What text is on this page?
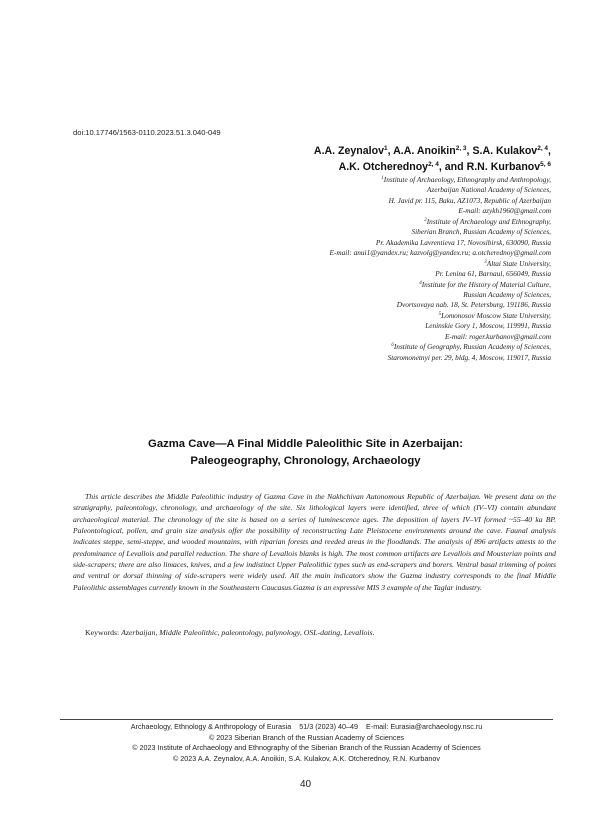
doi:10.17746/1563-0110.2023.51.3.040-049
A.A. Zeynalov$^1$, A.A. Anoikin$^{2, 3}$, S.A. Kulakov$^{2, 4}$,
A.K. Otcherednoy$^{2, 4}$, and R.N. Kurbanov$^{5, 6}$
$^1$Institute of Archaeology, Ethnography and Anthropology,
Azerbaijan National Academy of Sciences,
H. Javid pr. 115, Baku, AZ1073, Republic of Azerbaijan
E-mail: azykh1960@gmail.com
$^2$Institute of Archaeology and Ethnography,
Siberian Branch, Russian Academy of Sciences,
Pr. Akademika Lavrentieva 17, Novosibirsk, 630090, Russia
E-mail: anui1@yandex.ru; kazvolg@yandex.ru; a.otcherednoy@gmail.com
$^3$Altai State University,
Pr. Lenina 61, Barnaul, 656049, Russia
$^4$Institute for the History of Material Culture,
Russian Academy of Sciences,
Dvortsovaya nab. 18, St. Petersburg, 191186, Russia
$^5$Lomonosov Moscow State University,
Leninskie Gory 1, Moscow, 119991, Russia
E-mail: roger.kurbanov@gmail.com
$^6$Institute of Geography, Russian Academy of Sciences,
Staromonetnyi per. 29, bldg. 4, Moscow, 119017, Russia
Gazma Cave—A Final Middle Paleolithic Site in Azerbaijan:
Paleogeography, Chronology, Archaeology

This article describes the Middle Paleolithic industry of Gazma Cave in the Nakhchivan Autonomous Republic of Azerbaijan. We present data on the stratigraphy, paleontology, chronology, and archaeology of the site. Six lithological layers were identified, three of which (IV–VI) contain abundant archaeological material. The chronology of the site is based on a series of luminescence ages. The deposition of layers IV–VI formed ~55–40 ka BP. Paleontological, pollen, and grain size analysis offer the possibility of reconstructing Late Pleistocene environments around the cave. Faunal analysis indicates steppe, semi-steppe, and wooded mountains, with riparian forests and reeded areas in the floodlands. The analysis of 896 artifacts attests to the predominance of Levallois and parallel reduction. The share of Levallois blanks is high. The most common artifacts are Levallois and Mousterian points and side-scrapers; there are also limaces, knives, and a few indistinct Upper Paleolithic types such as end-scrapers and borers. Ventral basal trimming of points and ventral or dorsal thinning of side-scrapers were widely used. All the main indicators show the Gazma industry corresponds to the final Middle Paleolithic assemblages currently known in the Southeastern Caucasus.Gazma is an expressive MIS 3 example of the Taglar industry.

Keywords: Azerbaijan, Middle Paleolithic, paleontology, palynology, OSL-dating, Levallois.
Archaeology, Ethnology & Anthropology of Eurasia 51/3 (2023) 40–49 E-mail: Eurasia@archaeology.nsc.ru
© 2023 Siberian Branch of the Russian Academy of Sciences
© 2023 Institute of Archaeology and Ethnography of the Siberian Branch of the Russian Academy of Sciences
© 2023 A.A. Zeynalov, A.A. Anoikin, S.A. Kulakov, A.K. Otcherednoy, R.N. Kurbanov
40
